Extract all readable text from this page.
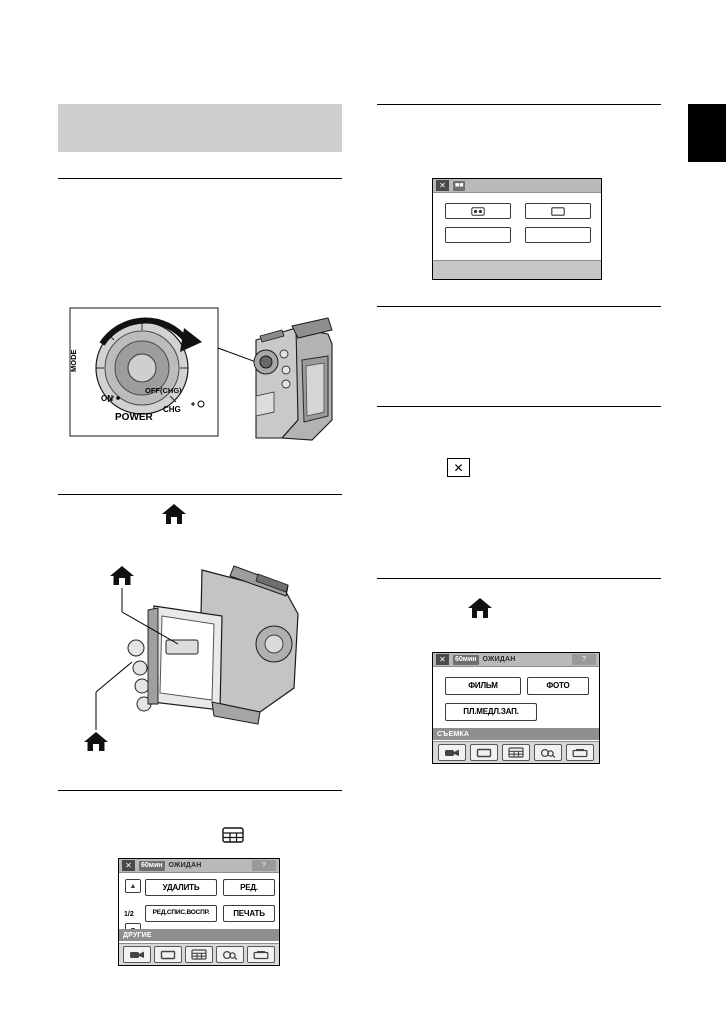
MODE
ON
OFF(CHG)
POWER
CHG
✕	60мин ОЖИДАН	?
▲
1/2
УДАЛИТЬ	РЕД.
РЕД.СПИС.ВОСПР.	ПЕЧАТЬ
ДРУГИЕ
✕	■■
✕
✕	60мин ОЖИДАН	?
ФИЛЬМ	ФОТО
ПЛ.МЕДЛ.ЗАП.
СЪЕМКА
